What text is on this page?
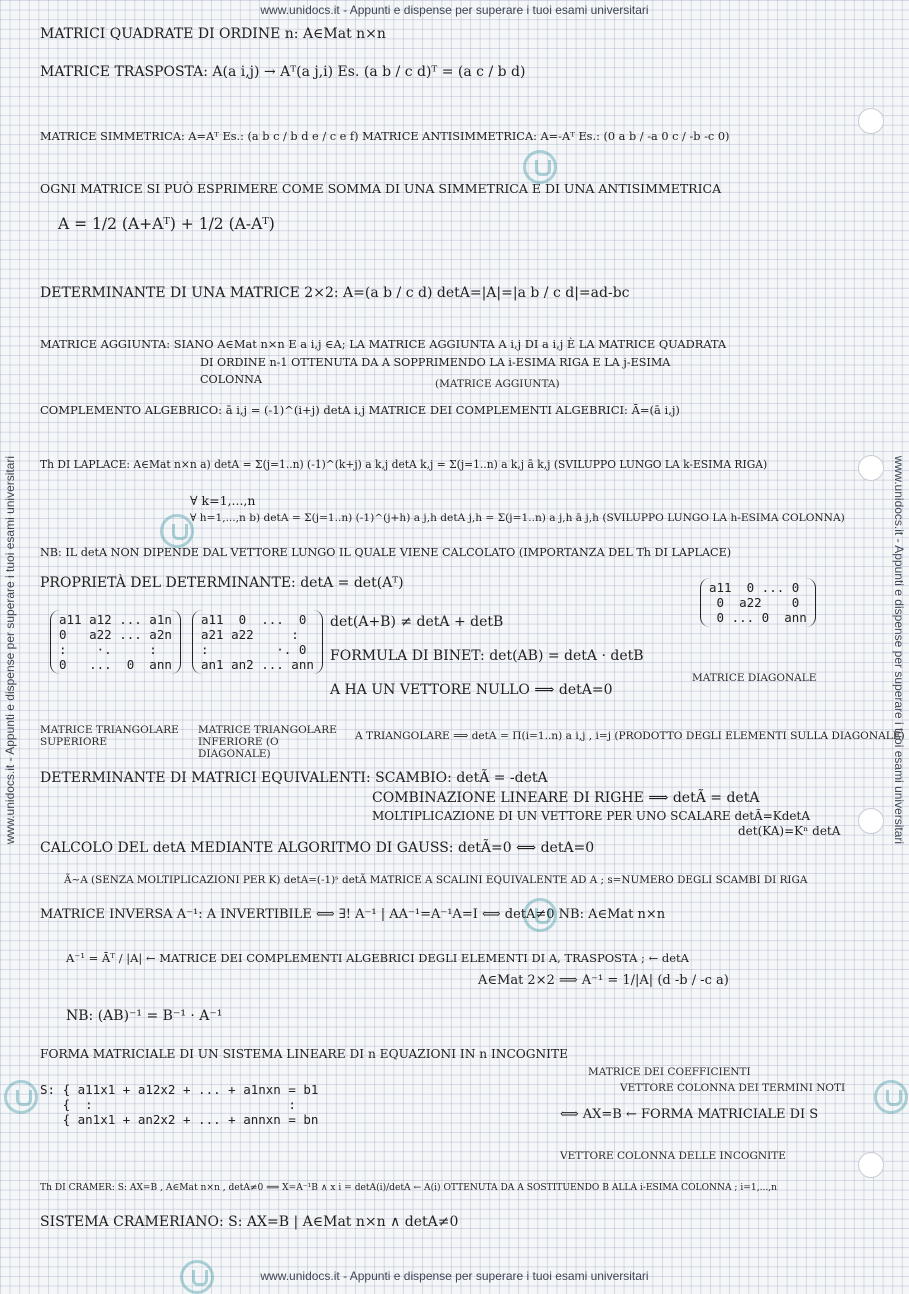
www.unidocs.it - Appunti e dispense per superare i tuoi esami universitari
www.unidocs.it - Appunti e dispense per superare i tuoi esami universitari
www.unidocs.it - Appunti e dispense per superare i tuoi esami universitari	www.unidocs.it - Appunti e dispense per superare i tuoi esami universitari
MATRICI QUADRATE DI ORDINE n: A∈Mat n×n
MATRICE TRASPOSTA: A(a i,j) → Aᵀ(a j,i) Es. (a b / c d)ᵀ = (a c / b d)
MATRICE SIMMETRICA: A=Aᵀ Es.: (a b c / b d e / c e f) MATRICE ANTISIMMETRICA: A=-Aᵀ Es.: (0 a b / -a 0 c / -b -c 0)
OGNI MATRICE SI PUÒ ESPRIMERE COME SOMMA DI UNA SIMMETRICA E DI UNA ANTISIMMETRICA
A = 1/2 (A+Aᵀ) + 1/2 (A-Aᵀ)
DETERMINANTE DI UNA MATRICE 2×2: A=(a b / c d) detA=|A|=|a b / c d|=ad-bc
MATRICE AGGIUNTA: SIANO A∈Mat n×n E a i,j ∈A; LA MATRICE AGGIUNTA A i,j DI a i,j È LA MATRICE QUADRATA
DI ORDINE n-1 OTTENUTA DA A SOPPRIMENDO LA i-ESIMA RIGA E LA j-ESIMA
COLONNA	(MATRICE AGGIUNTA)
COMPLEMENTO ALGEBRICO: ā i,j = (-1)^(i+j) detA i,j MATRICE DEI COMPLEMENTI ALGEBRICI: Ā=(ā i,j)
Th DI LAPLACE: A∈Mat n×n a) detA = Σ(j=1..n) (-1)^(k+j) a k,j detA k,j = Σ(j=1..n) a k,j ā k,j (SVILUPPO LUNGO LA k-ESIMA RIGA)
∀ k=1,...,n
∀ h=1,...,n b) detA = Σ(j=1..n) (-1)^(j+h) a j,h detA j,h = Σ(j=1..n) a j,h ā j,h (SVILUPPO LUNGO LA h-ESIMA COLONNA)
NB: IL detA NON DIPENDE DAL VETTORE LUNGO IL QUALE VIENE CALCOLATO (IMPORTANZA DEL Th DI LAPLACE)
PROPRIETÀ DEL DETERMINANTE: detA = det(Aᵀ)
a11 a12 ... a1n
0   a22 ... a2n
:    ·.     :
0   ...  0  ann
a11  0  ...  0
a21 a22     :
:         ·. 0
an1 an2 ... ann
a11  0 ... 0
0  a22    0
0 ... 0  ann
det(A+B) ≠ detA + detB
FORMULA DI BINET: det(AB) = detA · detB
A HA UN VETTORE NULLO ⟹ detA=0
MATRICE TRIANGOLARE SUPERIORE
MATRICE TRIANGOLARE INFERIORE (O DIAGONALE)
MATRICE DIAGONALE
A TRIANGOLARE ⟹ detA = Π(i=1..n) a i,j , i=j (PRODOTTO DEGLI ELEMENTI SULLA DIAGONALE)
DETERMINANTE DI MATRICI EQUIVALENTI: SCAMBIO: detÃ = -detA
COMBINAZIONE LINEARE DI RIGHE ⟹ detÃ = detA
MOLTIPLICAZIONE DI UN VETTORE PER UNO SCALARE detÃ=KdetA
det(KA)=Kⁿ detA
CALCOLO DEL detA MEDIANTE ALGORITMO DI GAUSS: detÃ=0 ⟺ detA=0
Ã∼A (SENZA MOLTIPLICAZIONI PER K) detA=(-1)ˢ detÃ MATRICE A SCALINI EQUIVALENTE AD A ; s=NUMERO DEGLI SCAMBI DI RIGA
MATRICE INVERSA A⁻¹: A INVERTIBILE ⟺ ∃! A⁻¹ | AA⁻¹=A⁻¹A=I ⟺ detA≠0 NB: A∈Mat n×n
A⁻¹ = Āᵀ / |A| ← MATRICE DEI COMPLEMENTI ALGEBRICI DEGLI ELEMENTI DI A, TRASPOSTA ; ← detA
A∈Mat 2×2 ⟹ A⁻¹ = 1/|A| (d -b / -c a)
NB: (AB)⁻¹ = B⁻¹ · A⁻¹
FORMA MATRICIALE DI UN SISTEMA LINEARE DI n EQUAZIONI IN n INCOGNITE
S: { a11x1 + a12x2 + ... + a1nxn = b1
{  :                          :
{ an1x1 + an2x2 + ... + annxn = bn
MATRICE DEI COEFFICIENTI
VETTORE COLONNA DEI TERMINI NOTI
⟺ AX=B ← FORMA MATRICIALE DI S
VETTORE COLONNA DELLE INCOGNITE
Th DI CRAMER: S: AX=B , A∈Mat n×n , detA≠0 ⟹ X=A⁻¹B ∧ x i = detA(i)/detA ← A(i) OTTENUTA DA A SOSTITUENDO B ALLA i-ESIMA COLONNA ; i=1,...,n
SISTEMA CRAMERIANO: S: AX=B | A∈Mat n×n ∧ detA≠0
